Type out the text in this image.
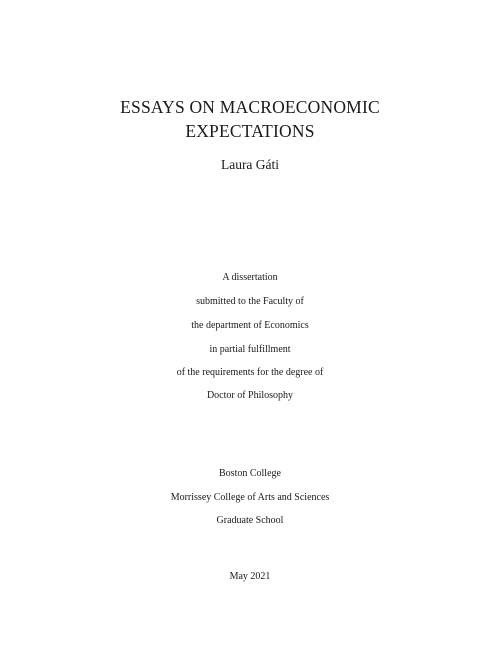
ESSAYS ON MACROECONOMIC
EXPECTATIONS
Laura Gáti
A dissertation
submitted to the Faculty of
the department of Economics
in partial fulfillment
of the requirements for the degree of
Doctor of Philosophy
Boston College
Morrissey College of Arts and Sciences
Graduate School
May 2021
